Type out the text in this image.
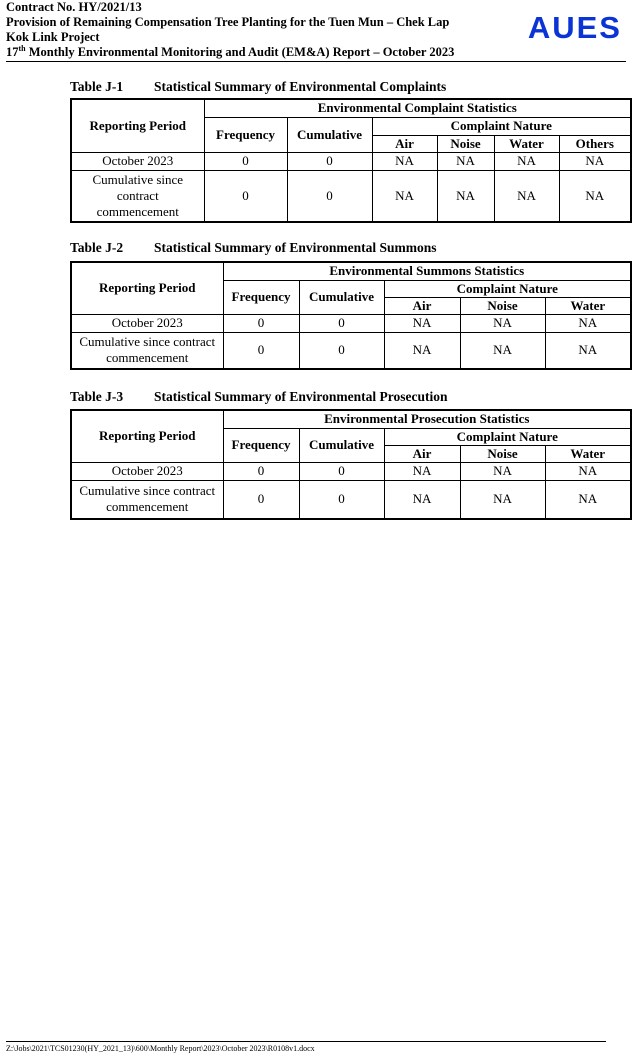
Contract No. HY/2021/13
Provision of Remaining Compensation Tree Planting for the Tuen Mun – Chek Lap
Kok Link Project
17th Monthly Environmental Monitoring and Audit (EM&A) Report – October 2023
AUES
Table J-1 Statistical Summary of Environmental Complaints
Reporting Period	Environmental Complaint Statistics					
	Frequency	Cumulative	Complaint Nature			
			Air	Noise	Water	Others
October 2023	0	0	NA	NA	NA	NA
Cumulative since contract commencement	0	0	NA	NA	NA	NA
Table J-2 Statistical Summary of Environmental Summons
Reporting Period	Environmental Summons Statistics				
	Frequency	Cumulative	Complaint Nature		
			Air	Noise	Water
October 2023	0	0	NA	NA	NA
Cumulative since contract commencement	0	0	NA	NA	NA
Table J-3 Statistical Summary of Environmental Prosecution
Reporting Period	Environmental Prosecution Statistics				
	Frequency	Cumulative	Complaint Nature		
			Air	Noise	Water
October 2023	0	0	NA	NA	NA
Cumulative since contract commencement	0	0	NA	NA	NA
Z:\Jobs\2021\TCS01230(HY_2021_13)\600\Monthly Report\2023\October 2023\R0108v1.docx
